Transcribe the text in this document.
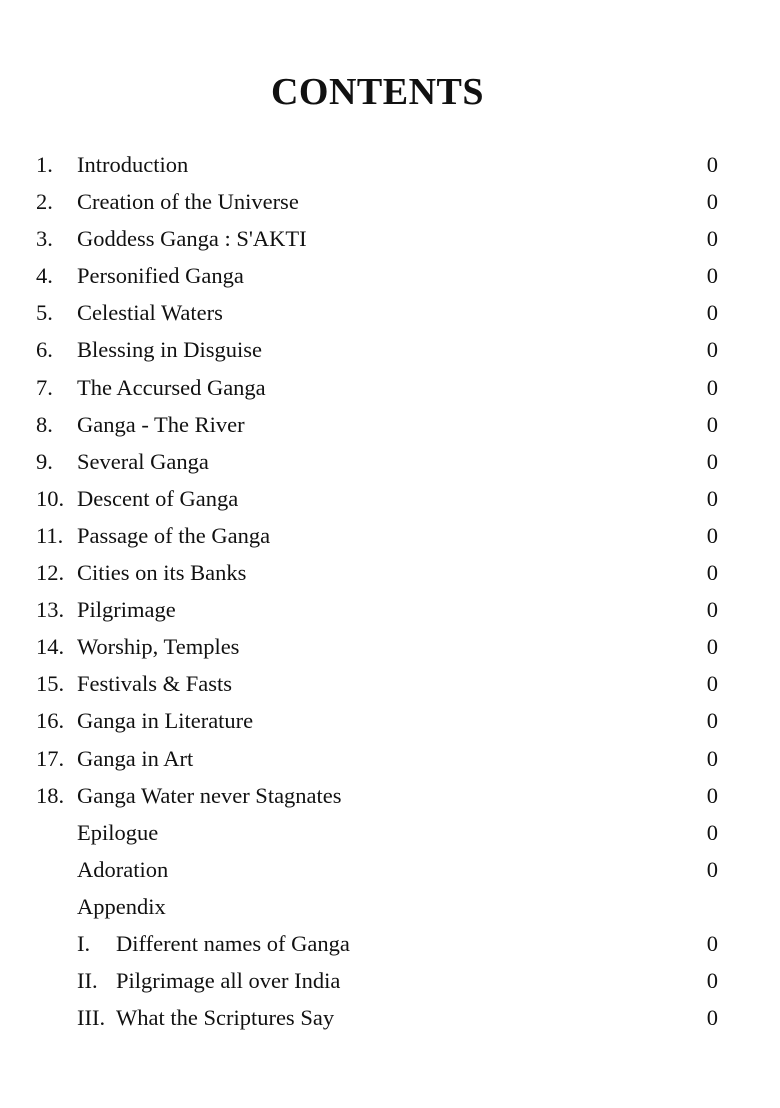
CONTENTS
1. Introduction	0
2. Creation of the Universe	0
3. Goddess Ganga : S'AKTI	0
4. Personified Ganga	0
5. Celestial Waters	0
6. Blessing in Disguise	0
7. The Accursed Ganga	0
8. Ganga - The River	0
9. Several Ganga	0
10. Descent of Ganga	0
11. Passage of the Ganga	0
12. Cities on its Banks	0
13. Pilgrimage	0
14. Worship, Temples	0
15. Festivals & Fasts	0
16. Ganga in Literature	0
17. Ganga in Art	0
18. Ganga Water never Stagnates	0
Epilogue	0
Adoration	0
Appendix
I. Different names of Ganga	0
II. Pilgrimage all over India	0
III. What the Scriptures Say	0
